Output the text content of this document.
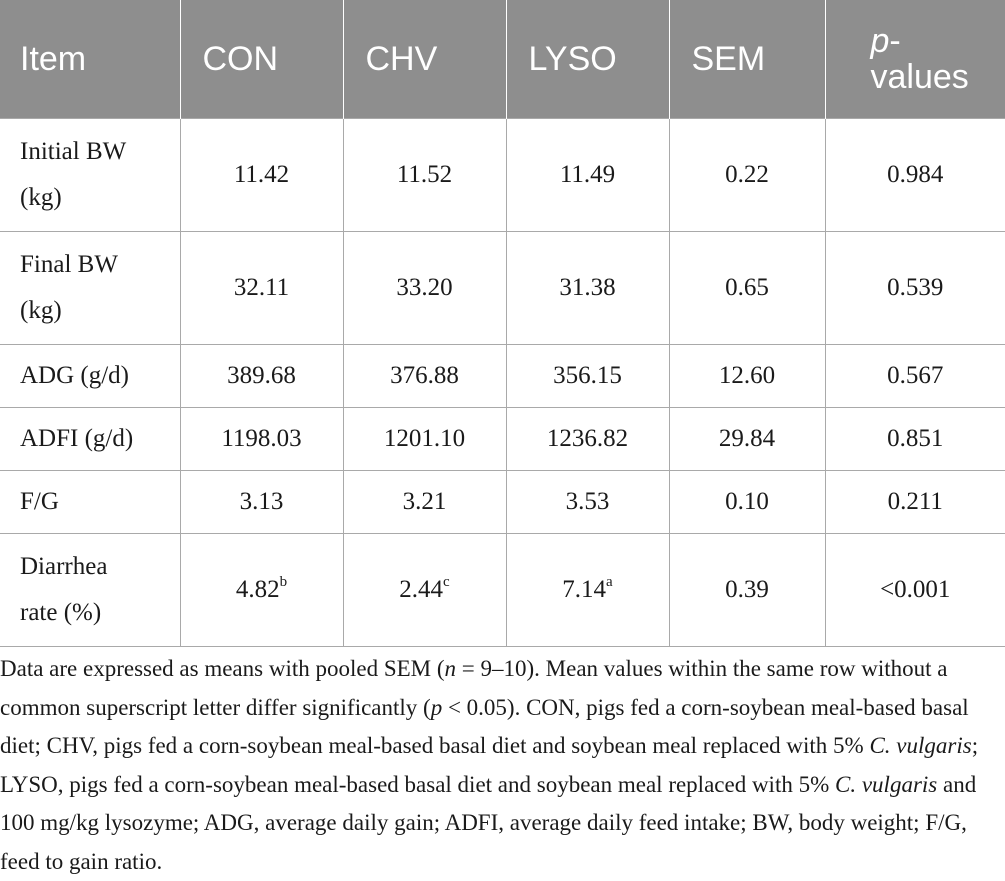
Item	CON	CHV	LYSO	SEM	p-
values

Initial BW
(kg)	11.42	11.52	11.49	0.22	0.984

Final BW
(kg)	32.11	33.20	31.38	0.65	0.539

ADG (g/d)	389.68	376.88	356.15	12.60	0.567

ADFI (g/d)	1198.03	1201.10	1236.82	29.84	0.851

F/G	3.13	3.21	3.53	0.10	0.211

Diarrhea
rate (%)	4.82$^b$	2.44$^c$	7.14$^a$	0.39	<0.001

Data are expressed as means with pooled SEM (n = 9–10). Mean values within the same row without a common superscript letter differ significantly (p < 0.05). CON, pigs fed a corn-soybean meal-based basal diet; CHV, pigs fed a corn-soybean meal-based basal diet and soybean meal replaced with 5% C. vulgaris; LYSO, pigs fed a corn-soybean meal-based basal diet and soybean meal replaced with 5% C. vulgaris and 100 mg/kg lysozyme; ADG, average daily gain; ADFI, average daily feed intake; BW, body weight; F/G, feed to gain ratio.
